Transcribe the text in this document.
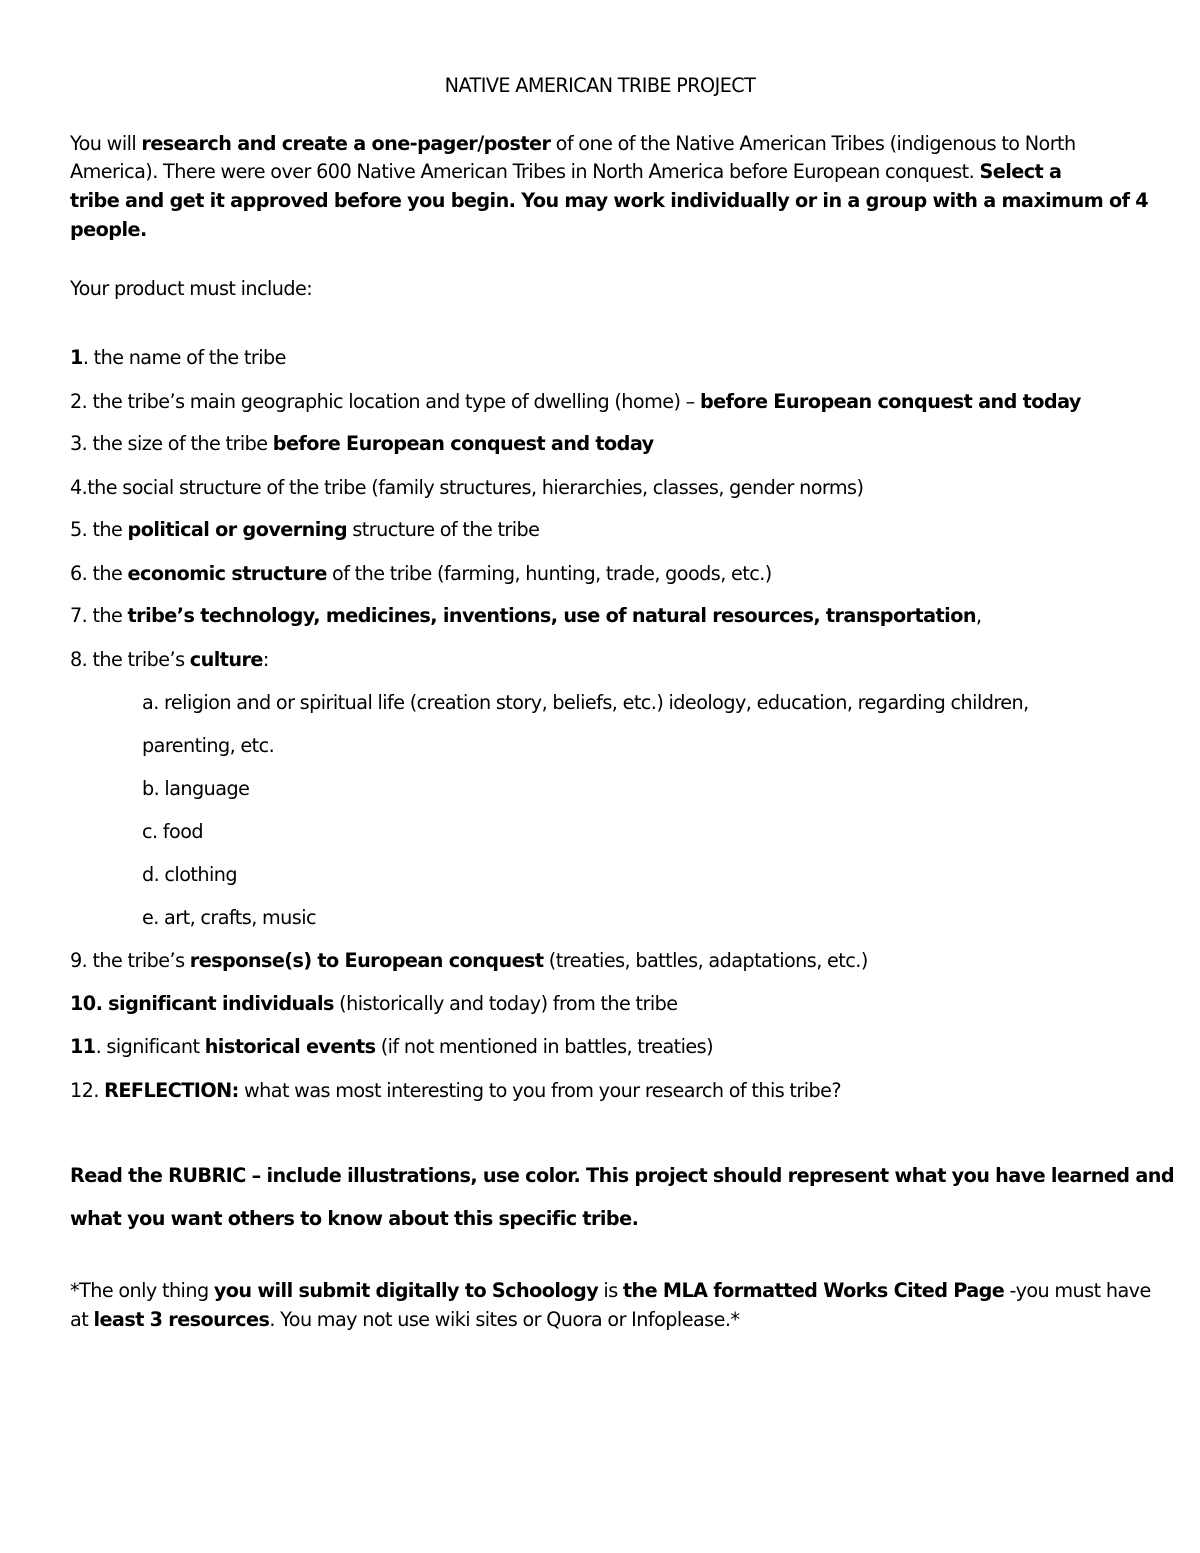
NATIVE AMERICAN TRIBE PROJECT
You will research and create a one-pager/poster of one of the Native American Tribes (indigenous to North
America). There were over 600 Native American Tribes in North America before European conquest. Select a
tribe and get it approved before you begin. You may work individually or in a group with a maximum of 4
people.
Your product must include:
1. the name of the tribe
2. the tribe’s main geographic location and type of dwelling (home) – before European conquest and today
3. the size of the tribe before European conquest and today
4.the social structure of the tribe (family structures, hierarchies, classes, gender norms)
5. the political or governing structure of the tribe
6. the economic structure of the tribe (farming, hunting, trade, goods, etc.)
7. the tribe’s technology, medicines, inventions, use of natural resources, transportation,
8. the tribe’s culture:
a. religion and or spiritual life (creation story, beliefs, etc.) ideology, education, regarding children,
parenting, etc.
b. language
c. food
d. clothing
e. art, crafts, music
9. the tribe’s response(s) to European conquest (treaties, battles, adaptations, etc.)
10. significant individuals (historically and today) from the tribe
11. significant historical events (if not mentioned in battles, treaties)
12. REFLECTION: what was most interesting to you from your research of this tribe?
Read the RUBRIC – include illustrations, use color. This project should represent what you have learned and
what you want others to know about this specific tribe.
*The only thing you will submit digitally to Schoology is the MLA formatted Works Cited Page -you must have
at least 3 resources. You may not use wiki sites or Quora or Infoplease.*
